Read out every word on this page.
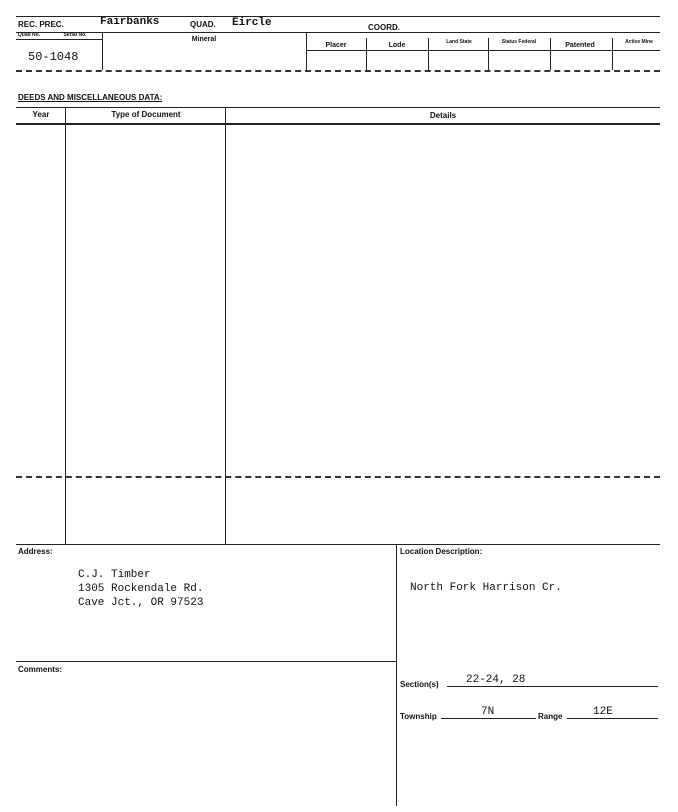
REC. PREC.	Fairbanks	QUAD. Eircle	COORD.
Quad No.	Serial No.
Mineral
Placer	Lode	Land State	Status Federal	Patented	Active Mine
50-1048
DEEDS AND MISCELLANEOUS DATA:
Year	Type of Document	Details
Address:
C.J. Timber
1305 Rockendale Rd.
Cave Jct., OR 97523
Location Description:
North Fork Harrison Cr.
Comments:
Section(s) 22-24, 28
Township	7N	Range	12E
